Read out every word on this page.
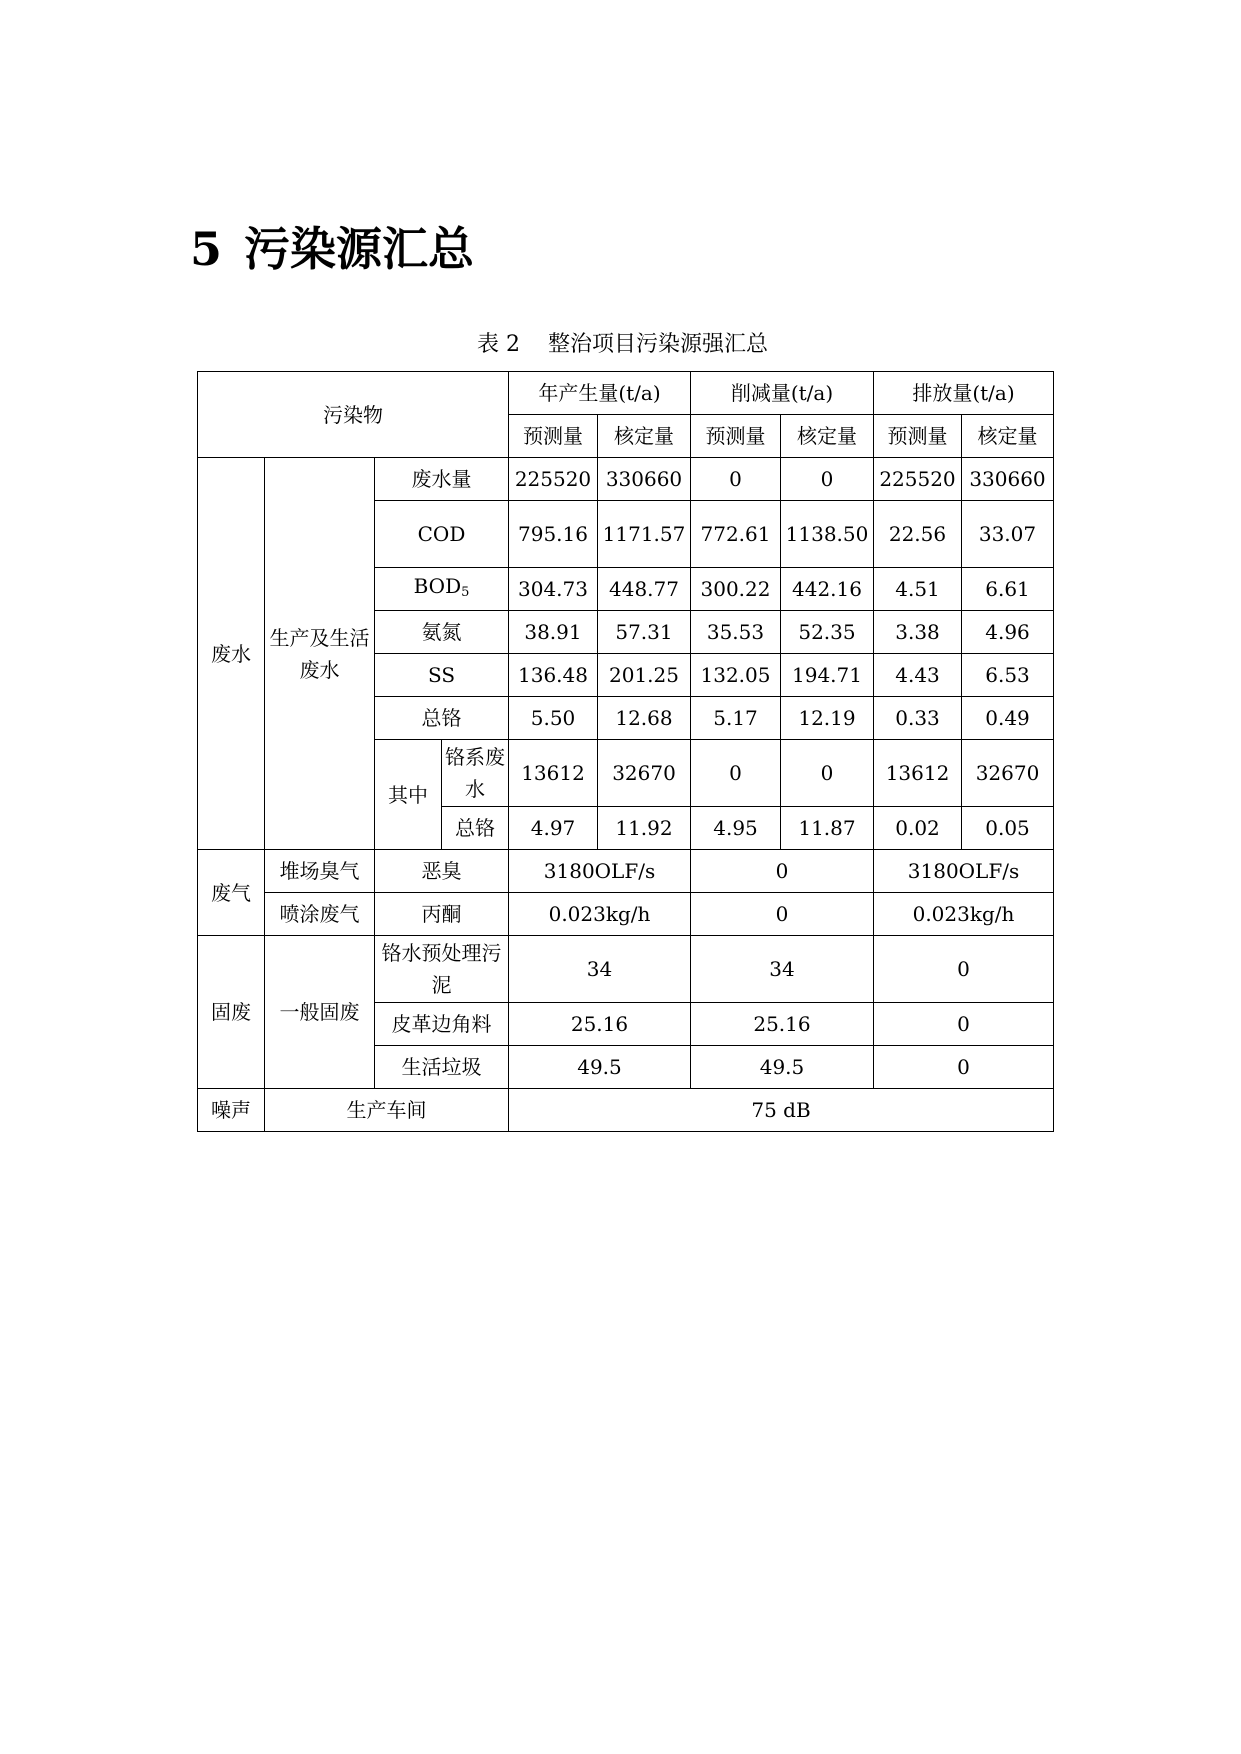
5 污染源汇总
表 2 整治项目污染源强汇总
污染物				年产生量(t/a)		削减量(t/a)		排放量(t/a)	
				预测量	核定量	预测量	核定量	预测量	核定量
废水	生产及生活废水	废水量		225520	330660	0	0	225520	330660
		COD		795.16	1171.57	772.61	1138.50	22.56	33.07
		$BOD_5$		304.73	448.77	300.22	442.16	4.51	6.61
		氨氮		38.91	57.31	35.53	52.35	3.38	4.96
		SS		136.48	201.25	132.05	194.71	4.43	6.53
		总铬		5.50	12.68	5.17	12.19	0.33	0.49
		其中	铬系废水	13612	32670	0	0	13612	32670
			总铬	4.97	11.92	4.95	11.87	0.02	0.05
废气	堆场臭气	恶臭		3180OLF/s		0		3180OLF/s	
	喷涂废气	丙酮		0.023kg/h		0		0.023kg/h	
固废	一般固废	铬水预处理污泥		34		34		0	
		皮革边角料		25.16		25.16		0	
		生活垃圾		49.5		49.5		0	
噪声	生产车间			75 dB					
